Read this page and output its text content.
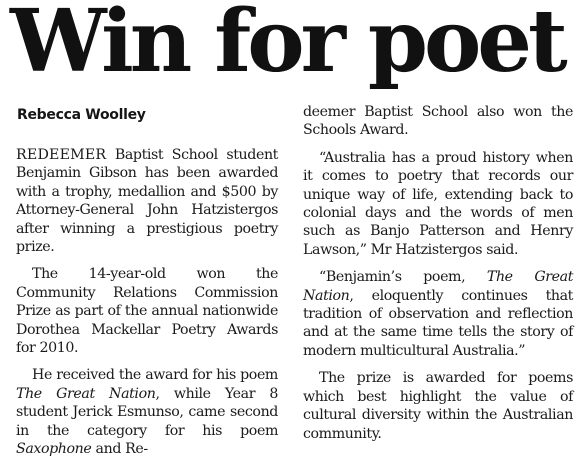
Win for poet
Rebecca Woolley

REDEEMER Baptist School student Benjamin Gibson has been awarded with a trophy, medallion and $500 by Attorney-General John Hatzistergos after winning a prestigious poetry prize.

The 14-year-old won the Community Relations Commission Prize as part of the annual nationwide Dorothea Mackellar Poetry Awards for 2010.

He received the award for his poem The Great Nation, while Year 8 student Jerick Esmunso, came second in the category for his poem Saxophone and Re-

deemer Baptist School also won the Schools Award.

“Australia has a proud history when it comes to poetry that records our unique way of life, extending back to colonial days and the words of men such as Banjo Patterson and Henry Lawson,” Mr Hatzistergos said.

“Benjamin’s poem, The Great Nation, eloquently continues that tradition of observation and reflection and at the same time tells the story of modern multicultural Australia.”

The prize is awarded for poems which best highlight the value of cultural diversity within the Australian community.
